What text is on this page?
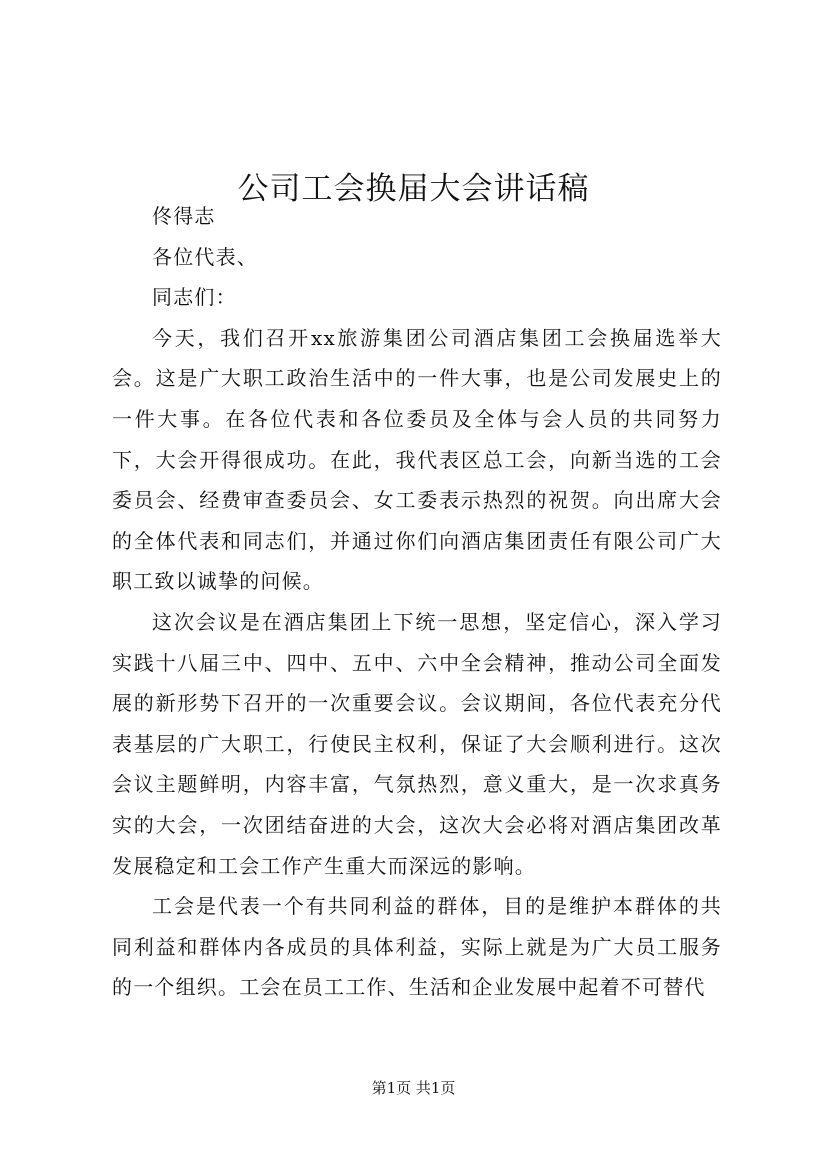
公司工会换届大会讲话稿

佟得志

各位代表、

同志们：

今天，我们召开xx旅游集团公司酒店集团工会换届选举大会。这是广大职工政治生活中的一件大事，也是公司发展史上的一件大事。在各位代表和各位委员及全体与会人员的共同努力下，大会开得很成功。在此，我代表区总工会，向新当选的工会委员会、经费审查委员会、女工委表示热烈的祝贺。向出席大会的全体代表和同志们，并通过你们向酒店集团责任有限公司广大职工致以诚挚的问候。

这次会议是在酒店集团上下统一思想，坚定信心，深入学习实践十八届三中、四中、五中、六中全会精神，推动公司全面发展的新形势下召开的一次重要会议。会议期间，各位代表充分代表基层的广大职工，行使民主权利，保证了大会顺利进行。这次会议主题鲜明，内容丰富，气氛热烈，意义重大，是一次求真务实的大会，一次团结奋进的大会，这次大会必将对酒店集团改革发展稳定和工会工作产生重大而深远的影响。

工会是代表一个有共同利益的群体，目的是维护本群体的共同利益和群体内各成员的具体利益，实际上就是为广大员工服务的一个组织。工会在员工工作、生活和企业发展中起着不可替代

第1页 共1页
